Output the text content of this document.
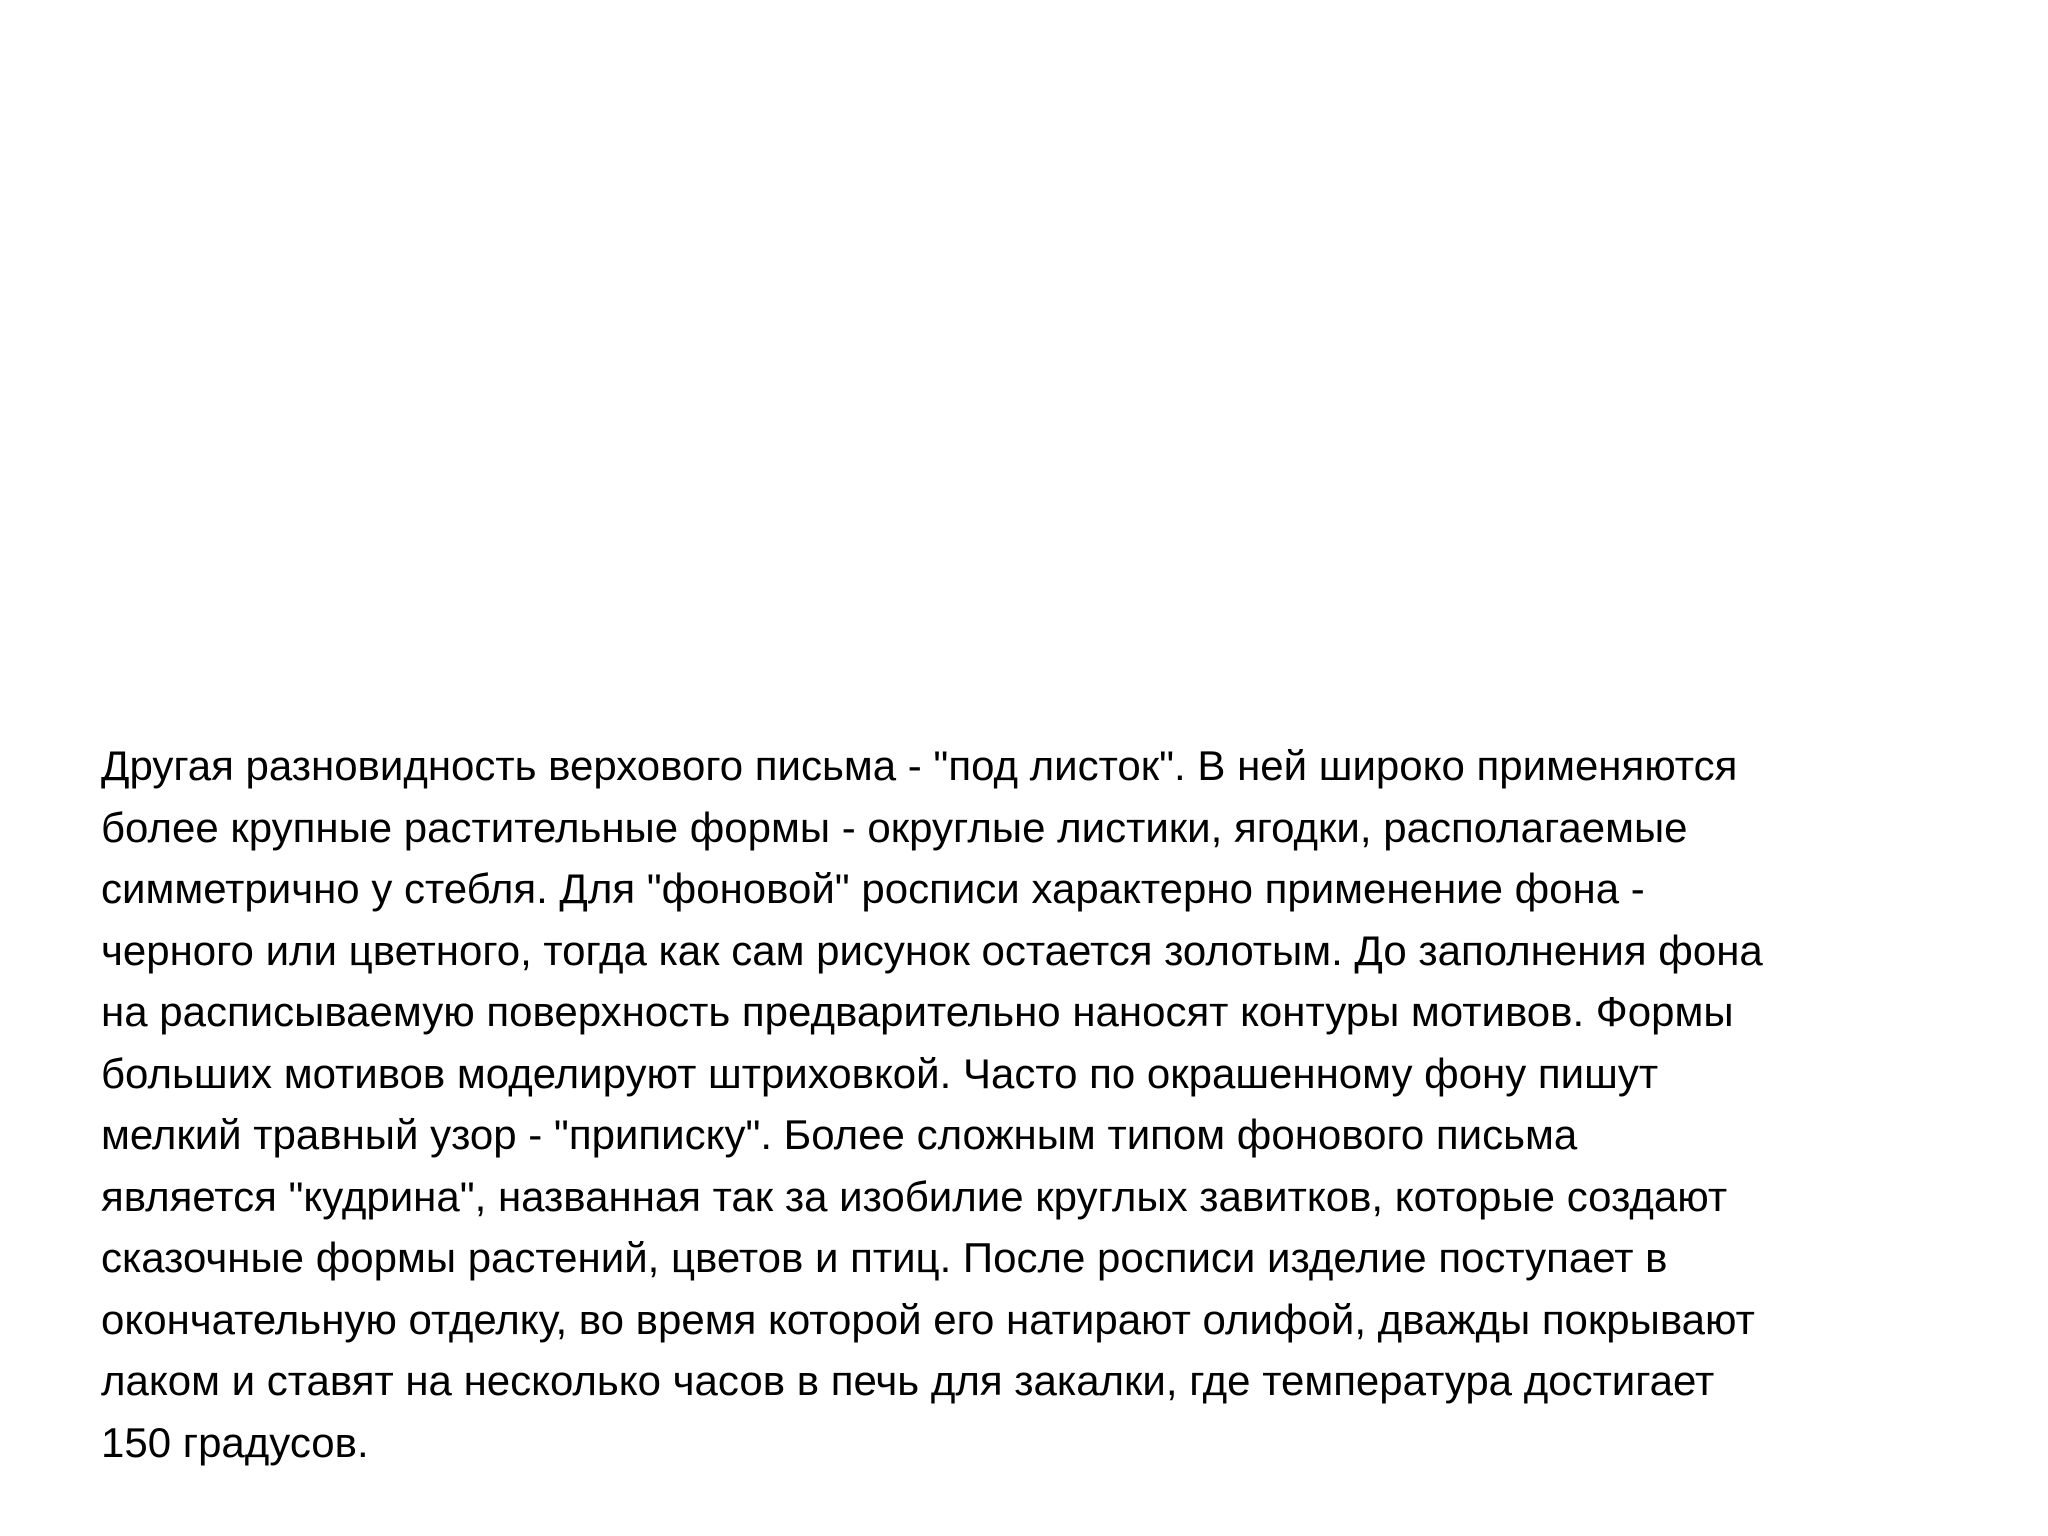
Другая разновидность верхового письма - "под листок". В ней широко применяются
более крупные растительные формы - округлые листики, ягодки, располагаемые
симметрично у стебля. Для "фоновой" росписи характерно применение фона -
черного или цветного, тогда как сам рисунок остается золотым. До заполнения фона
на расписываемую поверхность предварительно наносят контуры мотивов. Формы
больших мотивов моделируют штриховкой. Часто по окрашенному фону пишут
мелкий травный узор - "приписку". Более сложным типом фонового письма
является "кудрина", названная так за изобилие круглых завитков, которые создают
сказочные формы растений, цветов и птиц. После росписи изделие поступает в
окончательную отделку, во время которой его натирают олифой, дважды покрывают
лаком и ставят на несколько часов в печь для закалки, где температура достигает
150 градусов.
